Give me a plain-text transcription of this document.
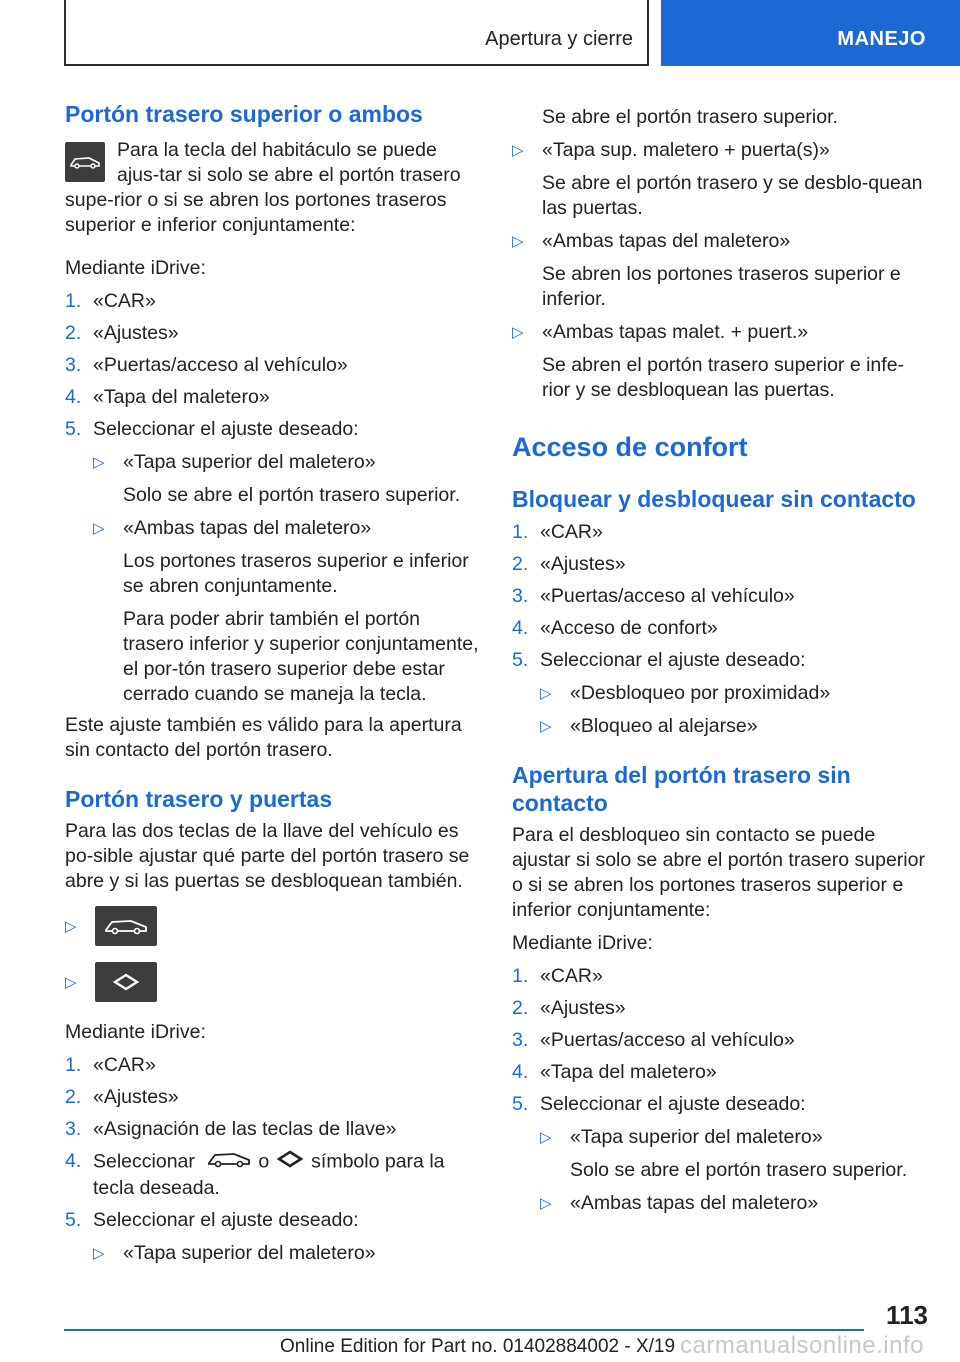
Apertura y cierre	MANEJO
Portón trasero superior o ambos

Para la tecla del habitáculo se puede ajus-tar si solo se abre el portón trasero supe-rior o si se abren los portones traseros superior e inferior conjuntamente:

Mediante iDrive:

1. «CAR»
2. «Ajustes»
3. «Puertas/acceso al vehículo»
4. «Tapa del maletero»
5. Seleccionar el ajuste deseado:
▷ «Tapa superior del maletero»

Solo se abre el portón trasero superior.

▷ «Ambas tapas del maletero»

Los portones traseros superior e inferior se abren conjuntamente.

Para poder abrir también el portón trasero inferior y superior conjuntamente, el por-tón trasero superior debe estar cerrado cuando se maneja la tecla.

Este ajuste también es válido para la apertura sin contacto del portón trasero.

Portón trasero y puertas

Para las dos teclas de la llave del vehículo es po-sible ajustar qué parte del portón trasero se abre y si las puertas se desbloquean también.

▷
▷

Mediante iDrive:

1. «CAR»
2. «Ajustes»
3. «Asignación de las teclas de llave»
4. Seleccionar	o símbolo para la tecla deseada.
5. Seleccionar el ajuste deseado:
▷ «Tapa superior del maletero»

Se abre el portón trasero superior.

▷ «Tapa sup. maletero + puerta(s)»

Se abre el portón trasero y se desblo-quean las puertas.

▷ «Ambas tapas del maletero»

Se abren los portones traseros superior e inferior.

▷ «Ambas tapas malet. + puert.»

Se abren el portón trasero superior e infe-rior y se desbloquean las puertas.

Acceso de confort
Bloquear y desbloquear sin contacto
1. «CAR»
2. «Ajustes»
3. «Puertas/acceso al vehículo»
4. «Acceso de confort»
5. Seleccionar el ajuste deseado:
▷ «Desbloqueo por proximidad»
▷ «Bloqueo al alejarse»
Apertura del portón trasero sin contacto

Para el desbloqueo sin contacto se puede ajustar si solo se abre el portón trasero superior o si se abren los portones traseros superior e inferior conjuntamente:

Mediante iDrive:

1. «CAR»
2. «Ajustes»
3. «Puertas/acceso al vehículo»
4. «Tapa del maletero»
5. Seleccionar el ajuste deseado:
▷ «Tapa superior del maletero»

Solo se abre el portón trasero superior.

▷ «Ambas tapas del maletero»
113
Online Edition for Part no. 01402884002 - X/19 carmanualsonline.info
